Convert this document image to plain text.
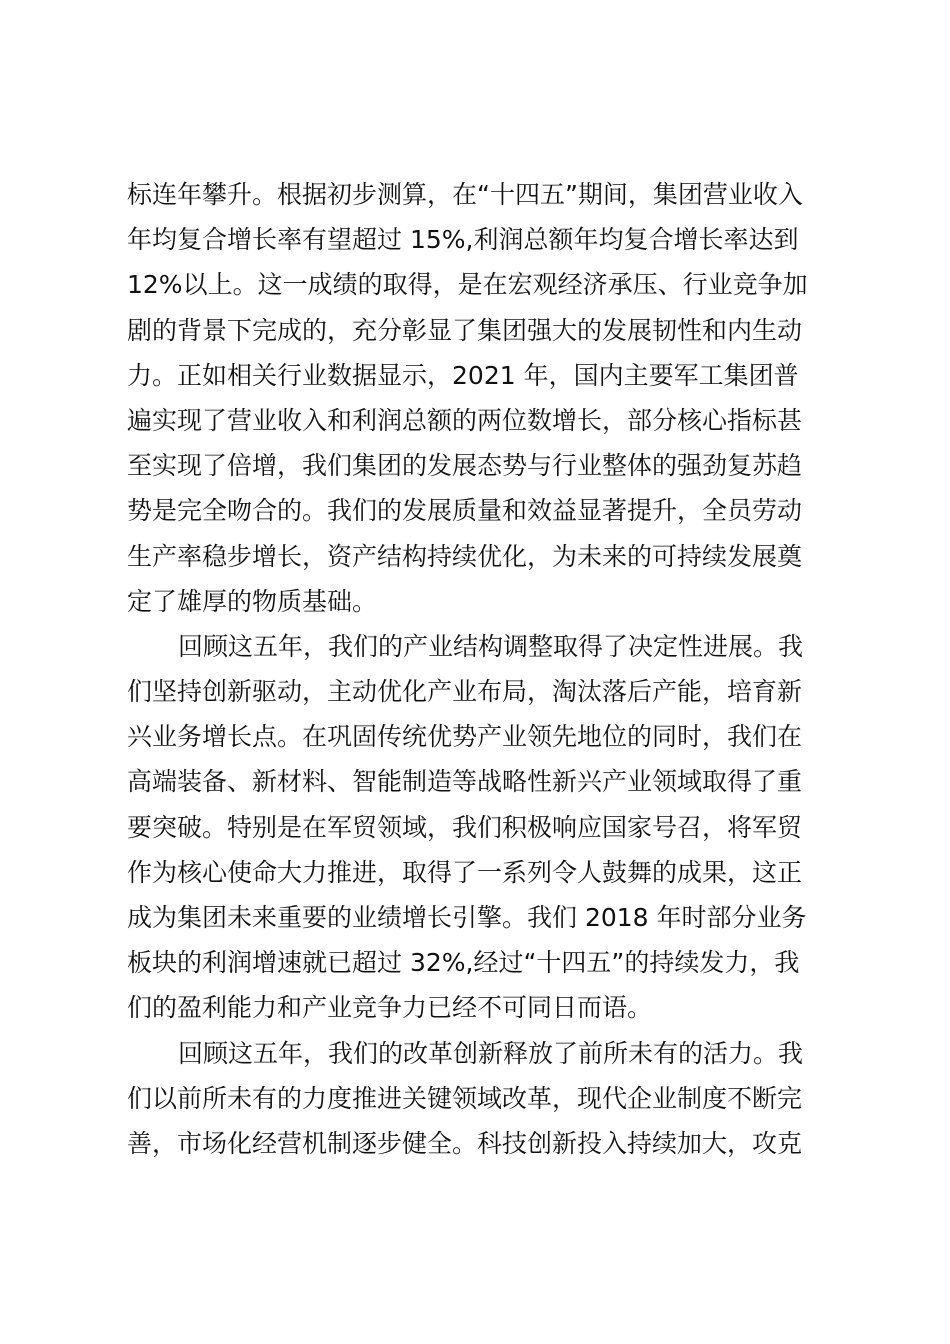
标连年攀升。根据初步测算，在“十四五”期间，集团营业收入
年均复合增长率有望超过 15%,利润总额年均复合增长率达到
12%以上。这一成绩的取得，是在宏观经济承压、行业竞争加
剧的背景下完成的，充分彰显了集团强大的发展韧性和内生动
力。正如相关行业数据显示，2021 年，国内主要军工集团普
遍实现了营业收入和利润总额的两位数增长，部分核心指标甚
至实现了倍增，我们集团的发展态势与行业整体的强劲复苏趋
势是完全吻合的。我们的发展质量和效益显著提升，全员劳动
生产率稳步增长，资产结构持续优化，为未来的可持续发展奠
定了雄厚的物质基础。
回顾这五年，我们的产业结构调整取得了决定性进展。我
们坚持创新驱动，主动优化产业布局，淘汰落后产能，培育新
兴业务增长点。在巩固传统优势产业领先地位的同时，我们在
高端装备、新材料、智能制造等战略性新兴产业领域取得了重
要突破。特别是在军贸领域，我们积极响应国家号召，将军贸
作为核心使命大力推进，取得了一系列令人鼓舞的成果，这正
成为集团未来重要的业绩增长引擎。我们 2018 年时部分业务
板块的利润增速就已超过 32%,经过“十四五”的持续发力，我
们的盈利能力和产业竞争力已经不可同日而语。
回顾这五年，我们的改革创新释放了前所未有的活力。我
们以前所未有的力度推进关键领域改革，现代企业制度不断完
善，市场化经营机制逐步健全。科技创新投入持续加大，攻克
